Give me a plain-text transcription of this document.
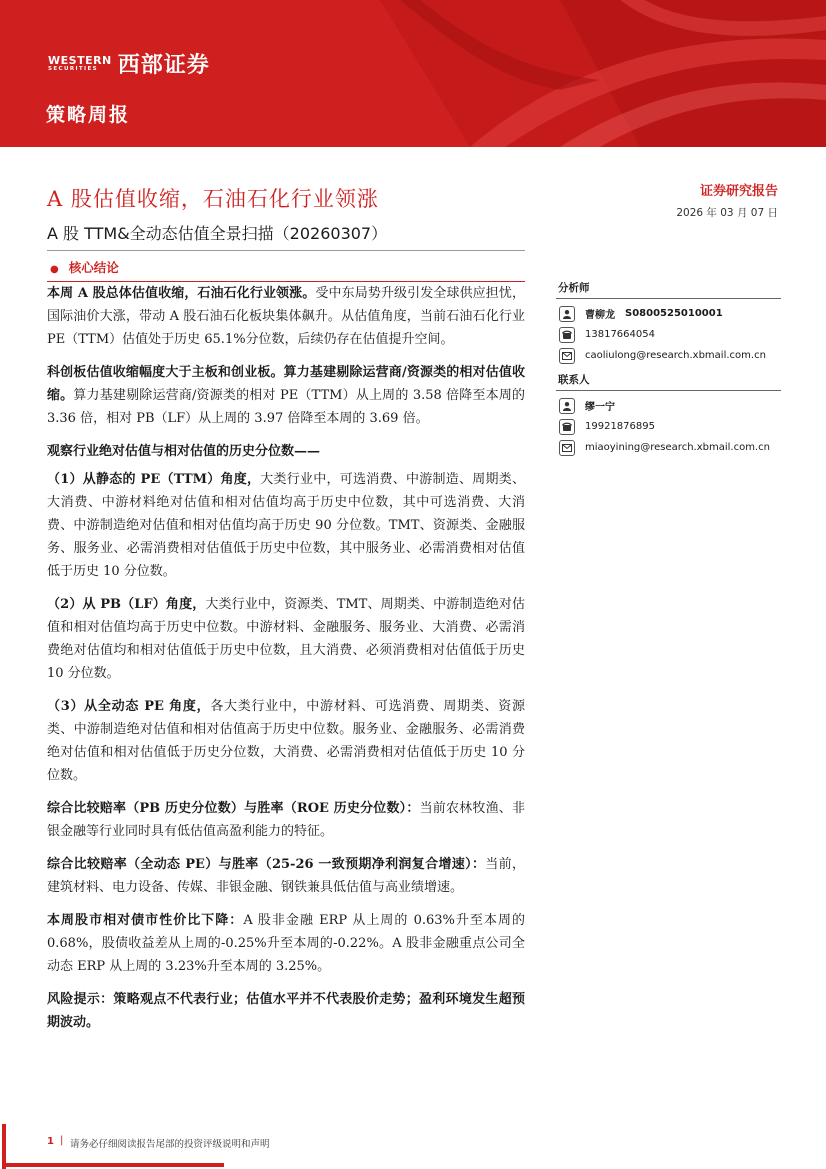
WESTERN
SECURITIES 西部证券
策略周报
A 股估值收缩，石油石化行业领涨
A 股 TTM&全动态估值全景扫描（20260307）
证券研究报告
2026 年 03 月 07 日
● 核心结论

本周 A 股总体估值收缩，石油石化行业领涨。受中东局势升级引发全球供应担忧，国际油价大涨，带动 A 股石油石化板块集体飙升。从估值角度，当前石油石化行业 PE（TTM）估值处于历史 65.1%分位数，后续仍存在估值提升空间。

科创板估值收缩幅度大于主板和创业板。算力基建剔除运营商/资源类的相对估值收缩。算力基建剔除运营商/资源类的相对 PE（TTM）从上周的 3.58 倍降至本周的 3.36 倍，相对 PB（LF）从上周的 3.97 倍降至本周的 3.69 倍。

观察行业绝对估值与相对估值的历史分位数——

（1）从静态的 PE（TTM）角度，大类行业中，可选消费、中游制造、周期类、大消费、中游材料绝对估值和相对估值均高于历史中位数，其中可选消费、大消费、中游制造绝对估值和相对估值均高于历史 90 分位数。TMT、资源类、金融服务、服务业、必需消费相对估值低于历史中位数，其中服务业、必需消费相对估值低于历史 10 分位数。

（2）从 PB（LF）角度，大类行业中，资源类、TMT、周期类、中游制造绝对估值和相对估值均高于历史中位数。中游材料、金融服务、服务业、大消费、必需消费绝对估值均和相对估值低于历史中位数，且大消费、必须消费相对估值低于历史 10 分位数。

（3）从全动态 PE 角度，各大类行业中，中游材料、可选消费、周期类、资源类、中游制造绝对估值和相对估值高于历史中位数。服务业、金融服务、必需消费绝对估值和相对估值低于历史分位数，大消费、必需消费相对估值低于历史 10 分位数。

综合比较赔率（PB 历史分位数）与胜率（ROE 历史分位数）：当前农林牧渔、非银金融等行业同时具有低估值高盈利能力的特征。

综合比较赔率（全动态 PE）与胜率（25-26 一致预期净利润复合增速）：当前，建筑材料、电力设备、传媒、非银金融、钢铁兼具低估值与高业绩增速。

本周股市相对债市性价比下降：A 股非金融 ERP 从上周的 0.63%升至本周的 0.68%，股债收益差从上周的-0.25%升至本周的-0.22%。A 股非金融重点公司全动态 ERP 从上周的 3.23%升至本周的 3.25%。

风险提示：策略观点不代表行业；估值水平并不代表股价走势；盈利环境发生超预期波动。

分析师
曹柳龙 S0800525010001
13817664054
caoliulong@research.xbmail.com.cn
联系人
缪一宁
19921876895
miaoyining@research.xbmail.com.cn
1 | 请务必仔细阅读报告尾部的投资评级说明和声明
